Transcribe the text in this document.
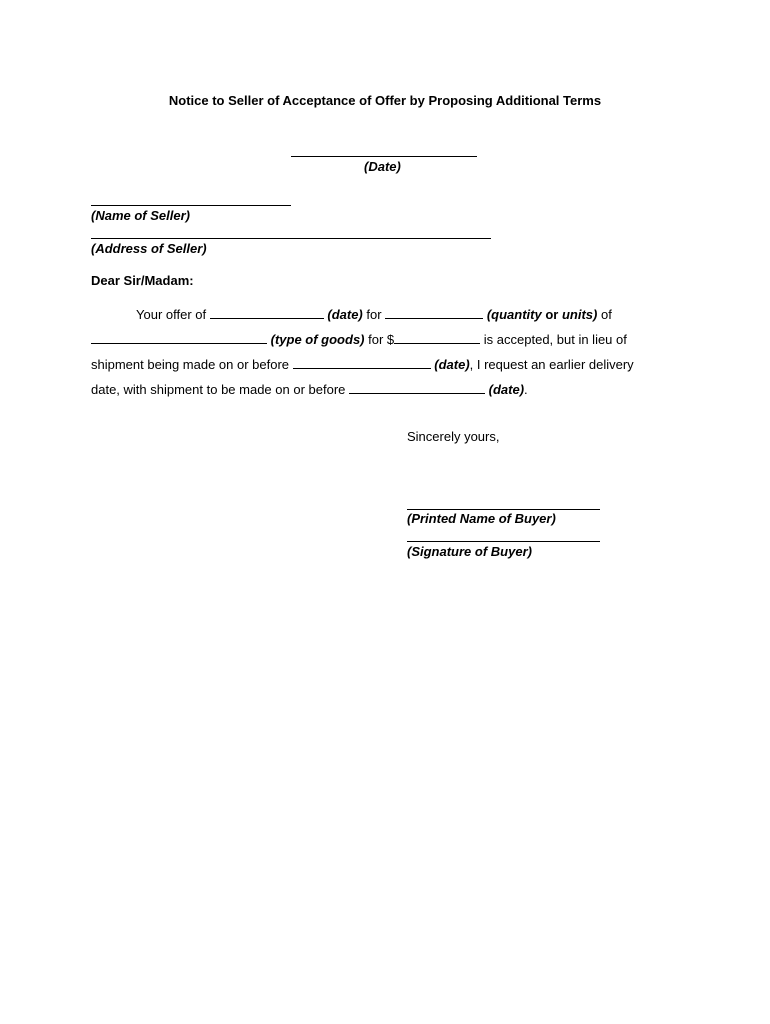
Notice to Seller of Acceptance of Offer by Proposing Additional Terms
(Date)
(Name of Seller)
(Address of Seller)
Dear Sir/Madam:
Your offer of	(date) for	(quantity or units) of
(type of goods) for $	is accepted, but in lieu of
shipment being made on or before	(date), I request an earlier delivery
date, with shipment to be made on or before	(date).
Sincerely yours,
(Printed Name of Buyer)
(Signature of Buyer)
